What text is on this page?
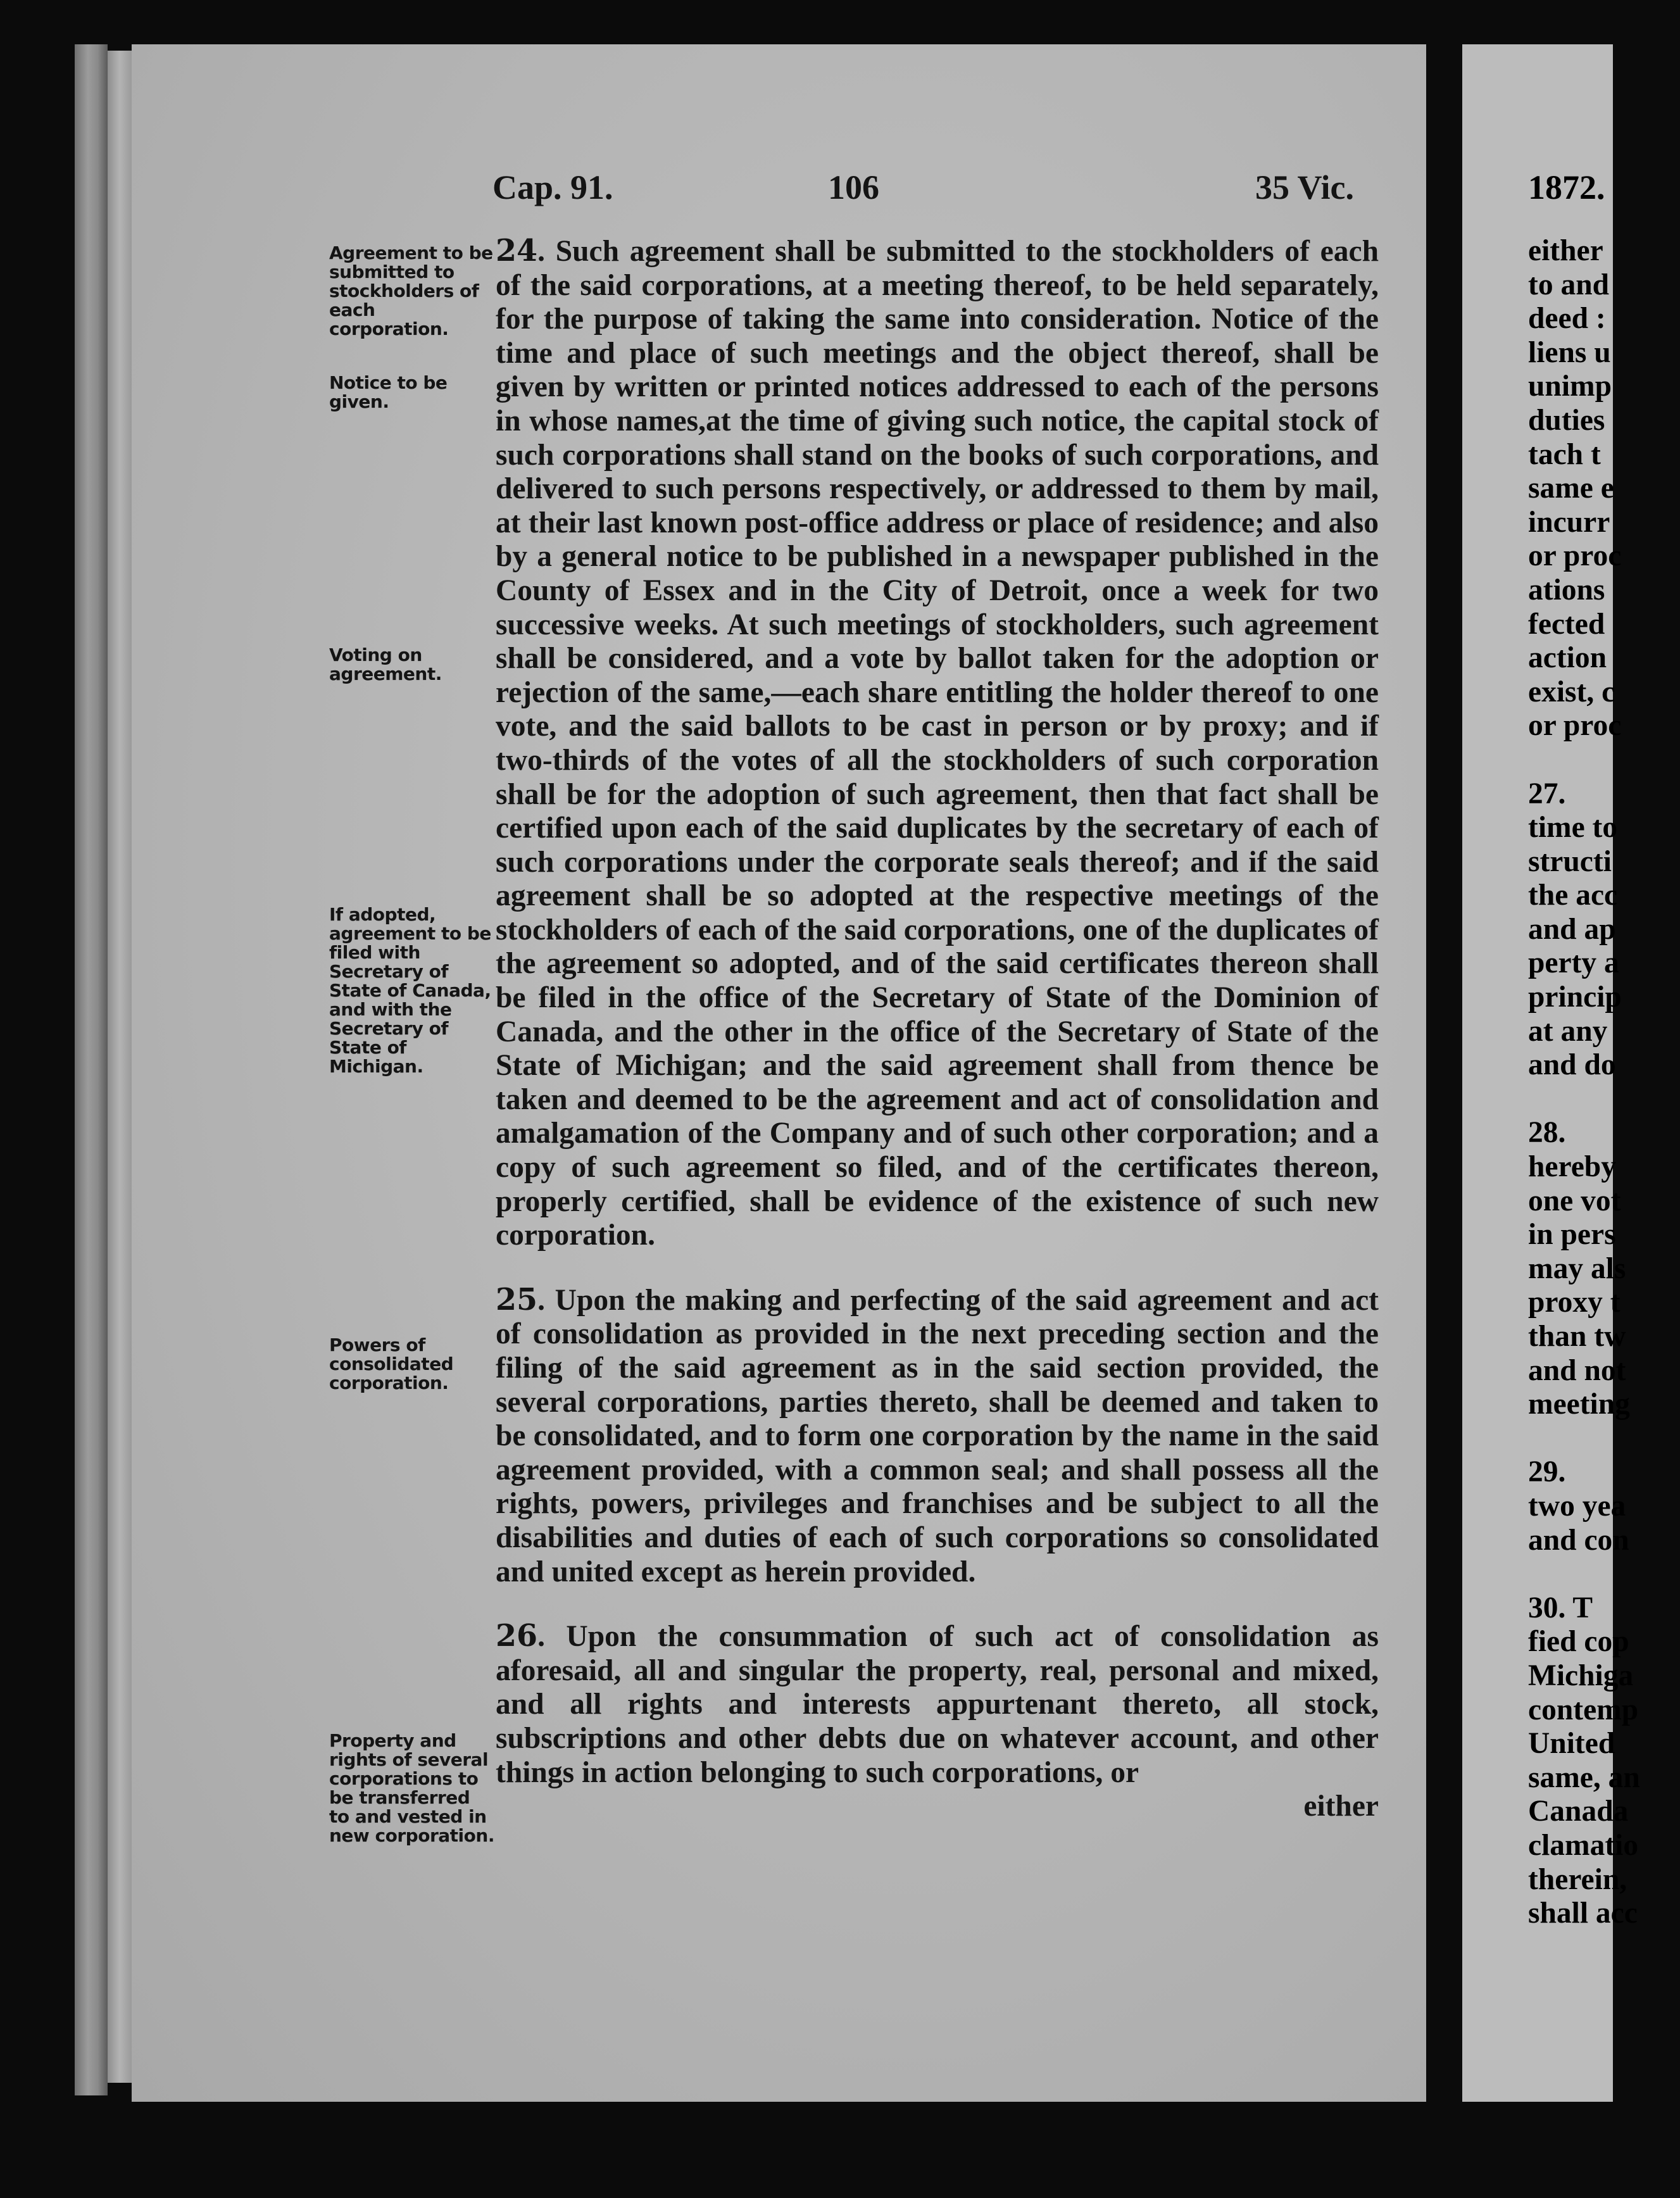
Cap. 91.	106	35 Vic.
Agreement to be submitted to stockholders of each corporation.
Notice to be given.
Voting on agreement.
If adopted, agreement to be filed with Secretary of State of Canada, and with the Secretary of State of Michigan.
Powers of consolidated corporation.
Property and rights of several corporations to be transferred to and vested in new corporation.

24. Such agreement shall be submitted to the stockholders of each of the said corporations, at a meeting thereof, to be held separately, for the purpose of taking the same into consideration. Notice of the time and place of such meetings and the object thereof, shall be given by written or printed notices addressed to each of the persons in whose names,at the time of giving such notice, the capital stock of such corporations shall stand on the books of such corporations, and delivered to such persons respectively, or addressed to them by mail, at their last known post-office address or place of residence; and also by a general notice to be published in a newspaper published in the County of Essex and in the City of Detroit, once a week for two successive weeks. At such meetings of stockholders, such agreement shall be considered, and a vote by ballot taken for the adoption or rejection of the same,—each share entitling the holder thereof to one vote, and the said ballots to be cast in person or by proxy; and if two-thirds of the votes of all the stockholders of such corporation shall be for the adoption of such agreement, then that fact shall be certified upon each of the said duplicates by the secretary of each of such corporations under the corporate seals thereof; and if the said agreement shall be so adopted at the respective meetings of the stockholders of each of the said corporations, one of the duplicates of the agreement so adopted, and of the said certificates thereon shall be filed in the office of the Secretary of State of the Dominion of Canada, and the other in the office of the Secretary of State of the State of Michigan; and the said agreement shall from thence be taken and deemed to be the agreement and act of consolidation and amalgamation of the Company and of such other corporation; and a copy of such agreement so filed, and of the certificates thereon, properly certified, shall be evidence of the existence of such new corporation.

25. Upon the making and perfecting of the said agreement and act of consolidation as provided in the next preceding section and the filing of the said agreement as in the said section provided, the several corporations, parties thereto, shall be deemed and taken to be consolidated, and to form one corporation by the name in the said agreement provided, with a common seal; and shall possess all the rights, powers, privileges and franchises and be subject to all the disabilities and duties of each of such corporations so consolidated and united except as herein provided.

26. Upon the consummation of such act of consolidation as aforesaid, all and singular the property, real, personal and mixed, and all rights and interests appurtenant thereto, all stock, subscriptions and other debts due on whatever account, and other things in action belonging to such corporations, or

either

1872.
either
to and
deed :
liens u
unimp
duties
tach t
same e
incurr
or proc
ations
fected
action
exist, c
or proc
27.
time to
structi
the acc
and ap
perty a
princip
at any
and do
28.
hereby
one vot
in pers
may als
proxy t
than tw
and not
meeting
29.
two yea
and con
30. T
fied cop
Michiga
contemp
United
same, an
Canada
clamatio
therein,
shall acc
